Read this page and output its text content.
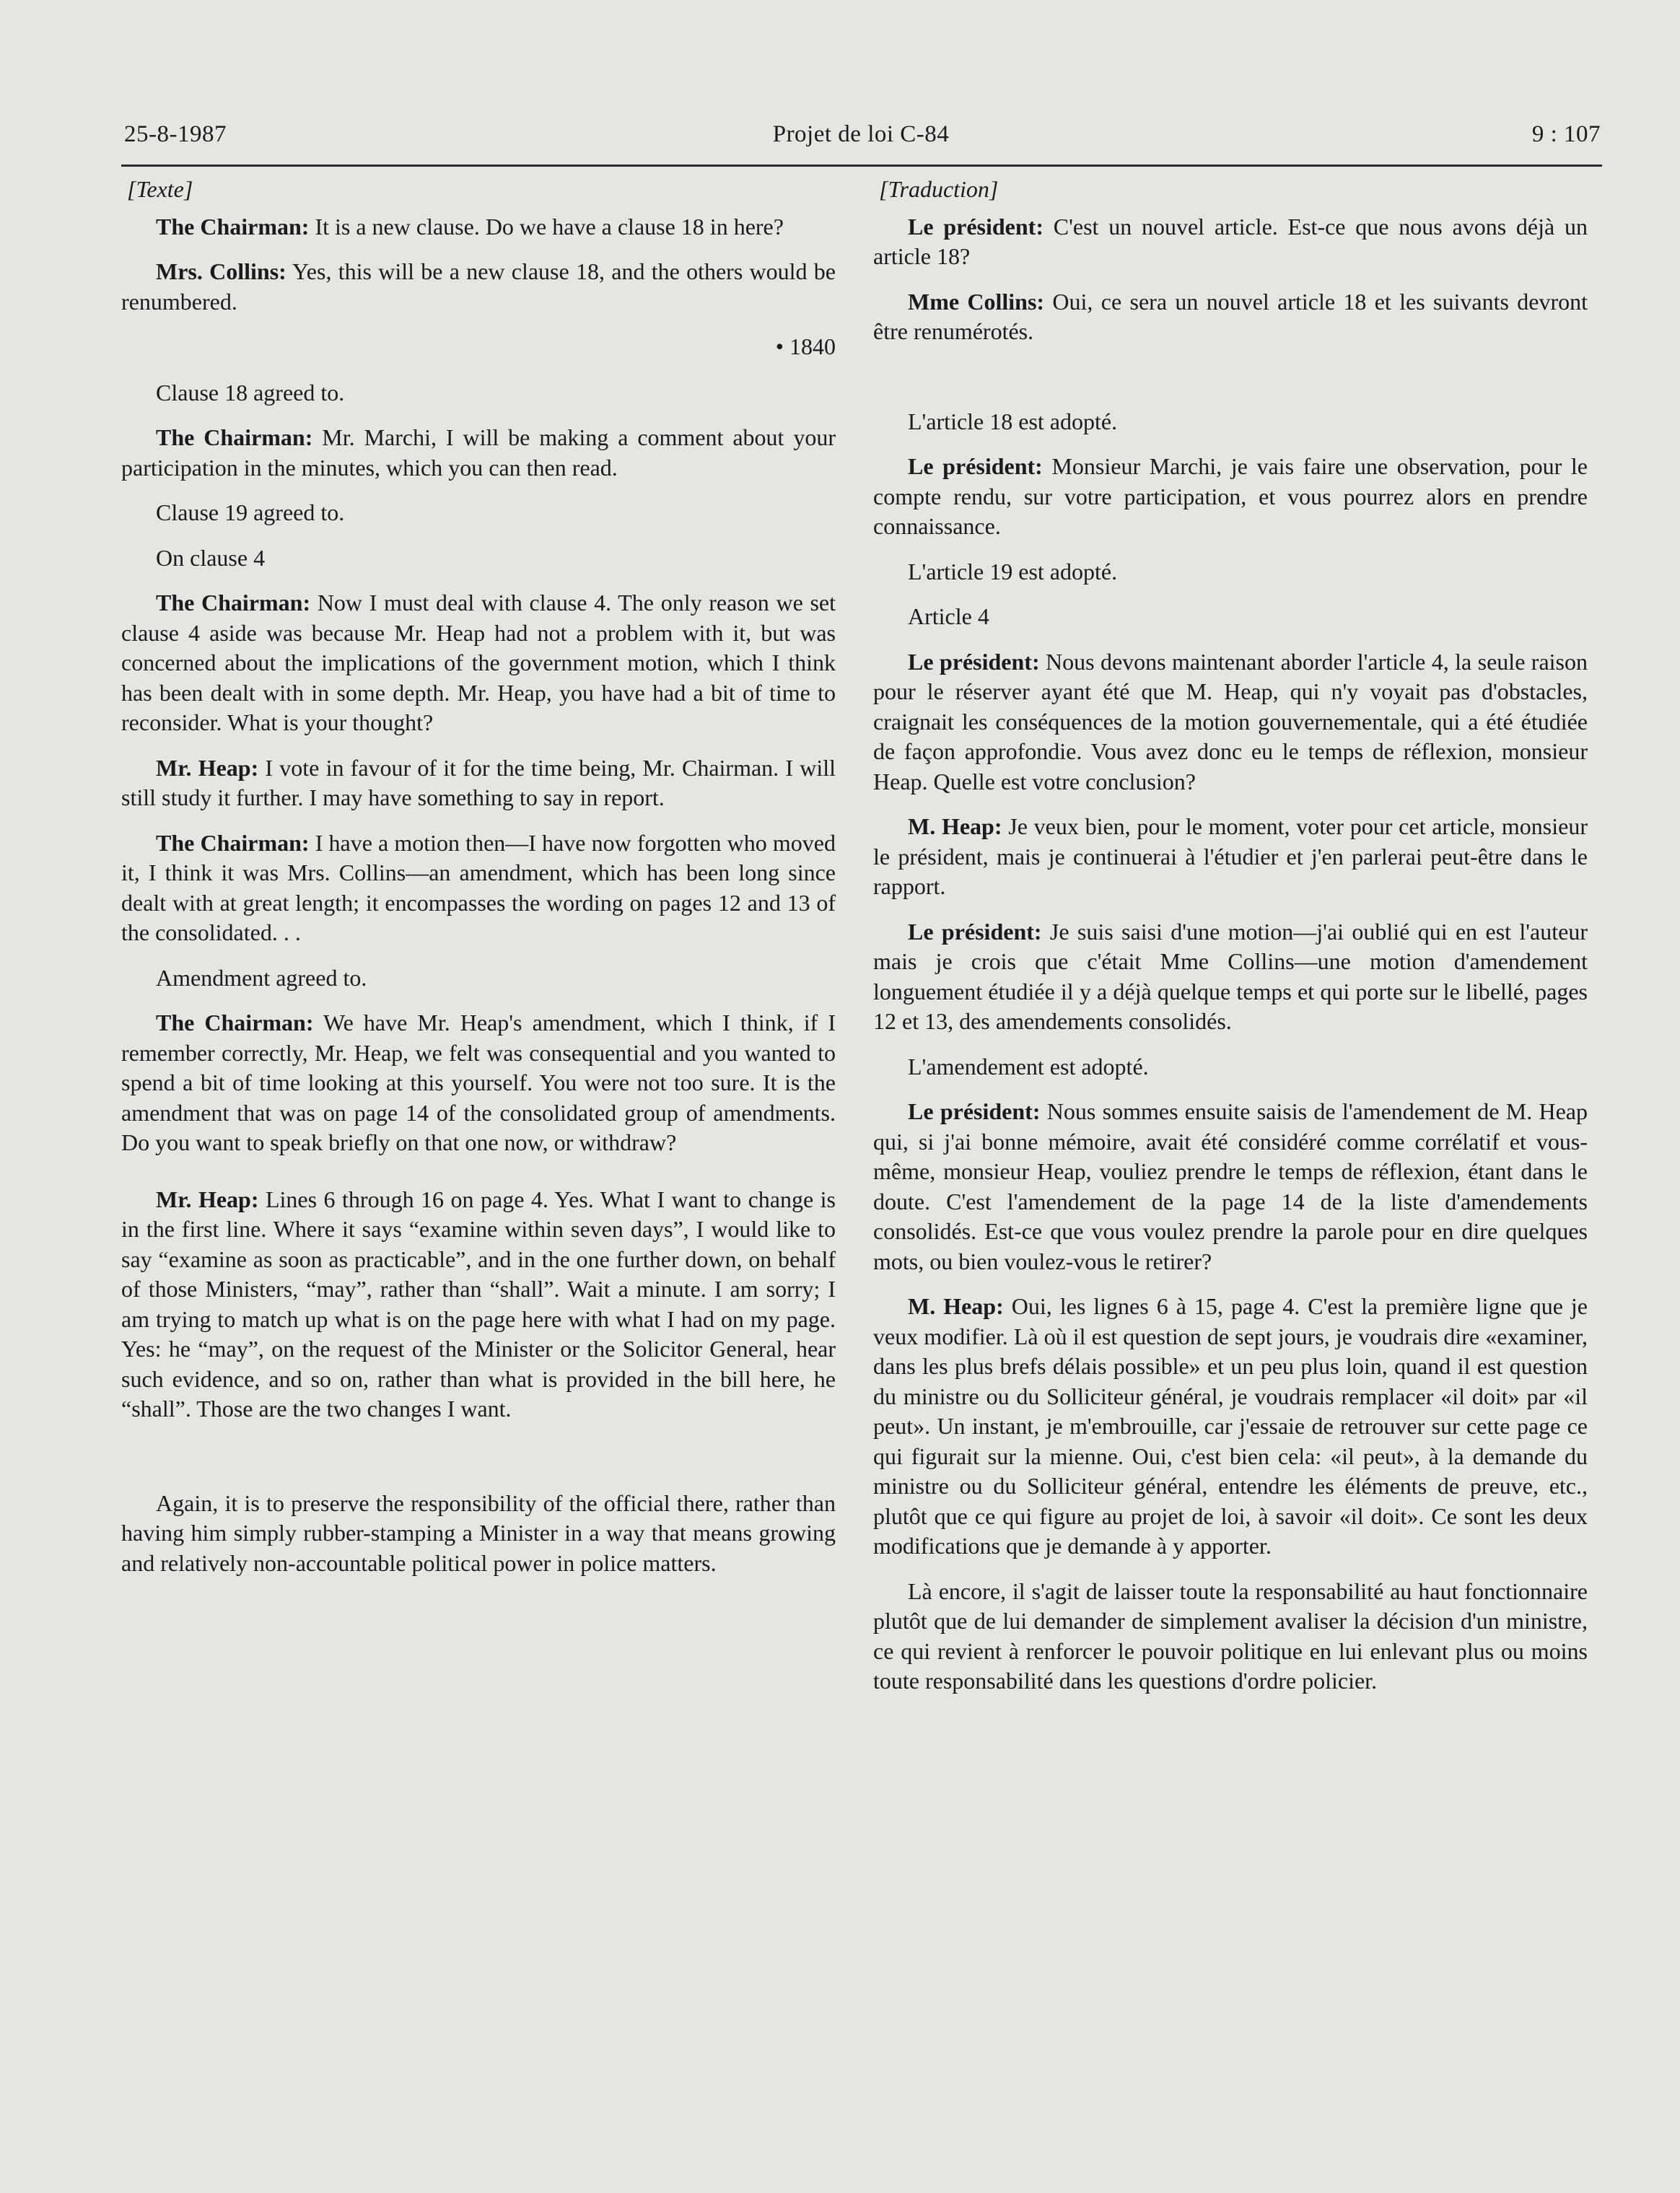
25-8-1987	Projet de loi C-84	9 : 107

[Texte]

The Chairman: It is a new clause. Do we have a clause 18 in here?

Mrs. Collins: Yes, this will be a new clause 18, and the others would be renumbered.

• 1840

Clause 18 agreed to.

The Chairman: Mr. Marchi, I will be making a comment about your participation in the minutes, which you can then read.

Clause 19 agreed to.

On clause 4

The Chairman: Now I must deal with clause 4. The only reason we set clause 4 aside was because Mr. Heap had not a problem with it, but was concerned about the implications of the government motion, which I think has been dealt with in some depth. Mr. Heap, you have had a bit of time to reconsider. What is your thought?

Mr. Heap: I vote in favour of it for the time being, Mr. Chairman. I will still study it further. I may have something to say in report.

The Chairman: I have a motion then—I have now forgotten who moved it, I think it was Mrs. Collins—an amendment, which has been long since dealt with at great length; it encompasses the wording on pages 12 and 13 of the consolidated. . .

Amendment agreed to.

The Chairman: We have Mr. Heap's amendment, which I think, if I remember correctly, Mr. Heap, we felt was consequential and you wanted to spend a bit of time looking at this yourself. You were not too sure. It is the amendment that was on page 14 of the consolidated group of amendments. Do you want to speak briefly on that one now, or withdraw?

Mr. Heap: Lines 6 through 16 on page 4. Yes. What I want to change is in the first line. Where it says “examine within seven days”, I would like to say “examine as soon as practicable”, and in the one further down, on behalf of those Ministers, “may”, rather than “shall”. Wait a minute. I am sorry; I am trying to match up what is on the page here with what I had on my page. Yes: he “may”, on the request of the Minister or the Solicitor General, hear such evidence, and so on, rather than what is provided in the bill here, he “shall”. Those are the two changes I want.

Again, it is to preserve the responsibility of the official there, rather than having him simply rubber-stamping a Minister in a way that means growing and relatively non-accountable political power in police matters.

[Traduction]

Le président: C'est un nouvel article. Est-ce que nous avons déjà un article 18?

Mme Collins: Oui, ce sera un nouvel article 18 et les suivants devront être renumérotés.

L'article 18 est adopté.

Le président: Monsieur Marchi, je vais faire une observation, pour le compte rendu, sur votre participation, et vous pourrez alors en prendre connaissance.

L'article 19 est adopté.

Article 4

Le président: Nous devons maintenant aborder l'article 4, la seule raison pour le réserver ayant été que M. Heap, qui n'y voyait pas d'obstacles, craignait les conséquences de la motion gouvernementale, qui a été étudiée de façon approfondie. Vous avez donc eu le temps de réflexion, monsieur Heap. Quelle est votre conclusion?

M. Heap: Je veux bien, pour le moment, voter pour cet article, monsieur le président, mais je continuerai à l'étudier et j'en parlerai peut-être dans le rapport.

Le président: Je suis saisi d'une motion—j'ai oublié qui en est l'auteur mais je crois que c'était Mme Collins—une motion d'amendement longuement étudiée il y a déjà quelque temps et qui porte sur le libellé, pages 12 et 13, des amendements consolidés.

L'amendement est adopté.

Le président: Nous sommes ensuite saisis de l'amendement de M. Heap qui, si j'ai bonne mémoire, avait été considéré comme corrélatif et vous-même, monsieur Heap, vouliez prendre le temps de réflexion, étant dans le doute. C'est l'amendement de la page 14 de la liste d'amendements consolidés. Est-ce que vous voulez prendre la parole pour en dire quelques mots, ou bien voulez-vous le retirer?

M. Heap: Oui, les lignes 6 à 15, page 4. C'est la première ligne que je veux modifier. Là où il est question de sept jours, je voudrais dire «examiner, dans les plus brefs délais possible» et un peu plus loin, quand il est question du ministre ou du Solliciteur général, je voudrais remplacer «il doit» par «il peut». Un instant, je m'embrouille, car j'essaie de retrouver sur cette page ce qui figurait sur la mienne. Oui, c'est bien cela: «il peut», à la demande du ministre ou du Solliciteur général, entendre les éléments de preuve, etc., plutôt que ce qui figure au projet de loi, à savoir «il doit». Ce sont les deux modifications que je demande à y apporter.

Là encore, il s'agit de laisser toute la responsabilité au haut fonctionnaire plutôt que de lui demander de simplement avaliser la décision d'un ministre, ce qui revient à renforcer le pouvoir politique en lui enlevant plus ou moins toute responsabilité dans les questions d'ordre policier.
